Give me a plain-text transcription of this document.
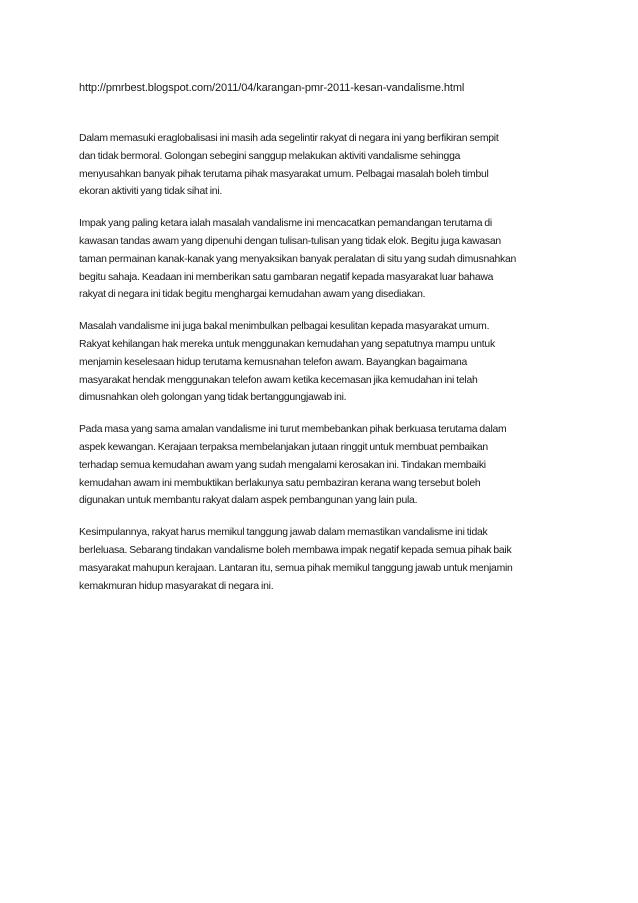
http://pmrbest.blogspot.com/2011/04/karangan-pmr-2011-kesan-vandalisme.html

Dalam memasuki eraglobalisasi ini masih ada segelintir rakyat di negara ini yang berfikiran sempit
dan tidak bermoral. Golongan sebegini sanggup melakukan aktiviti vandalisme sehingga
menyusahkan banyak pihak terutama pihak masyarakat umum. Pelbagai masalah boleh timbul
ekoran aktiviti yang tidak sihat ini.

Impak yang paling ketara ialah masalah vandalisme ini mencacatkan pemandangan terutama di
kawasan tandas awam yang dipenuhi dengan tulisan-tulisan yang tidak elok. Begitu juga kawasan
taman permainan kanak-kanak yang menyaksikan banyak peralatan di situ yang sudah dimusnahkan
begitu sahaja. Keadaan ini memberikan satu gambaran negatif kepada masyarakat luar bahawa
rakyat di negara ini tidak begitu menghargai kemudahan awam yang disediakan.

Masalah vandalisme ini juga bakal menimbulkan pelbagai kesulitan kepada masyarakat umum.
Rakyat kehilangan hak mereka untuk menggunakan kemudahan yang sepatutnya mampu untuk
menjamin keselesaan hidup terutama kemusnahan telefon awam. Bayangkan bagaimana
masyarakat hendak menggunakan telefon awam ketika kecemasan jika kemudahan ini telah
dimusnahkan oleh golongan yang tidak bertanggungjawab ini.

Pada masa yang sama amalan vandalisme ini turut membebankan pihak berkuasa terutama dalam
aspek kewangan. Kerajaan terpaksa membelanjakan jutaan ringgit untuk membuat pembaikan
terhadap semua kemudahan awam yang sudah mengalami kerosakan ini. Tindakan membaiki
kemudahan awam ini membuktikan berlakunya satu pembaziran kerana wang tersebut boleh
digunakan untuk membantu rakyat dalam aspek pembangunan yang lain pula.

Kesimpulannya, rakyat harus memikul tanggung jawab dalam memastikan vandalisme ini tidak
berleluasa. Sebarang tindakan vandalisme boleh membawa impak negatif kepada semua pihak baik
masyarakat mahupun kerajaan. Lantaran itu, semua pihak memikul tanggung jawab untuk menjamin
kemakmuran hidup masyarakat di negara ini.
